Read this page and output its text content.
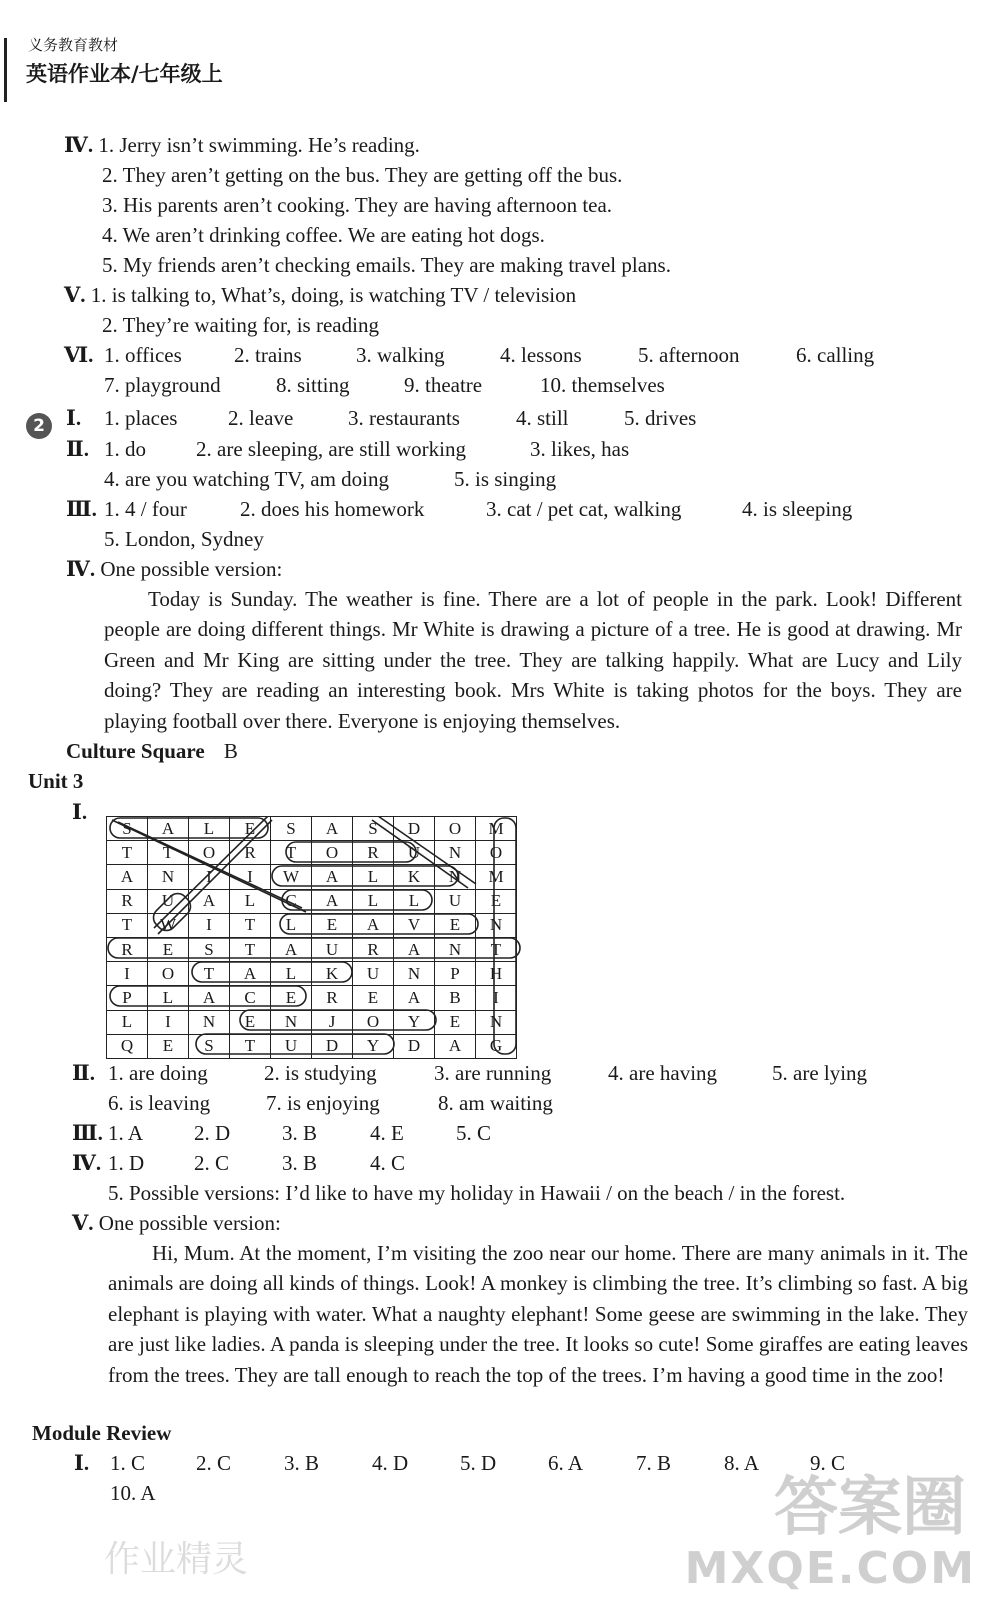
义务教育教材
英语作业本/七年级上
Ⅳ. 1. Jerry isn’t swimming. He’s reading.
2. They aren’t getting on the bus. They are getting off the bus.
3. His parents aren’t cooking. They are having afternoon tea.
4. We aren’t drinking coffee. We are eating hot dogs.
5. My friends aren’t checking emails. They are making travel plans.
Ⅴ. 1. is talking to, What’s, doing, is watching TV / television
2. They’re waiting for, is reading
Ⅵ. 1. offices 2. trains	3. walking	4. lessons	5. afternoon	6. calling
7. playground	8. sitting	9. theatre	10. themselves
2	Ⅰ. 1. places 2. leave	3. restaurants	4. still	5. drives
Ⅱ. 1. do 2. are sleeping, are still working	3. likes, has
4. are you watching TV, am doing	5. is singing
Ⅲ. 1. 4 / four	2. does his homework	3. cat / pet cat, walking	4. is sleeping
5. London, Sydney
Ⅳ. One possible version:
Today is Sunday. The weather is fine. There are a lot of people in the park. Look! Different people are doing different things. Mr White is drawing a picture of a tree. He is good at drawing. Mr Green and Mr King are sitting under the tree. They are talking happily. What are Lucy and Lily doing? They are reading an interesting book. Mrs White is taking photos for the boys. They are playing football over there. Everyone is enjoying themselves.
Culture Square B
Unit 3
Ⅰ.
S	A	L	E	S	A	S	D	O	M
T	T	O	R	T	O	R	U	N	O
A	N	I	I	W	A	L	K	N	M
R	U	A	L	C	A	L	L	U	E
T	W	I	T	L	E	A	V	E	N
R	E	S	T	A	U	R	A	N	T
I	O	T	A	L	K	U	N	P	H
P	L	A	C	E	R	E	A	B	I
L	I	N	E	N	J	O	Y	E	N
Q	E	S	T	U	D	Y	D	A	G
Ⅱ. 1. are doing	2. is studying	3. are running	4. are having	5. are lying
6. is leaving	7. is enjoying	8. am waiting
Ⅲ. 1. A 2. D 3. B	4. E 5. C
Ⅳ. 1. D 2. C	3. B	4. C
5. Possible versions: I’d like to have my holiday in Hawaii / on the beach / in the forest.
Ⅴ. One possible version:
Hi, Mum. At the moment, I’m visiting the zoo near our home. There are many animals in it. The animals are doing all kinds of things. Look! A monkey is climbing the tree. It’s climbing so fast. A big elephant is playing with water. What a naughty elephant! Some geese are swimming in the lake. They are just like ladies. A panda is sleeping under the tree. It looks so cute! Some giraffes are eating leaves from the trees. They are tall enough to reach the top of the trees. I’m having a good time in the zoo!
Module Review
Ⅰ. 1. C 2. C	3. B	4. D 5. D 6. A	7. B	8. A 9. C
10. A	答案圈
MXQE.COM
作业精灵
